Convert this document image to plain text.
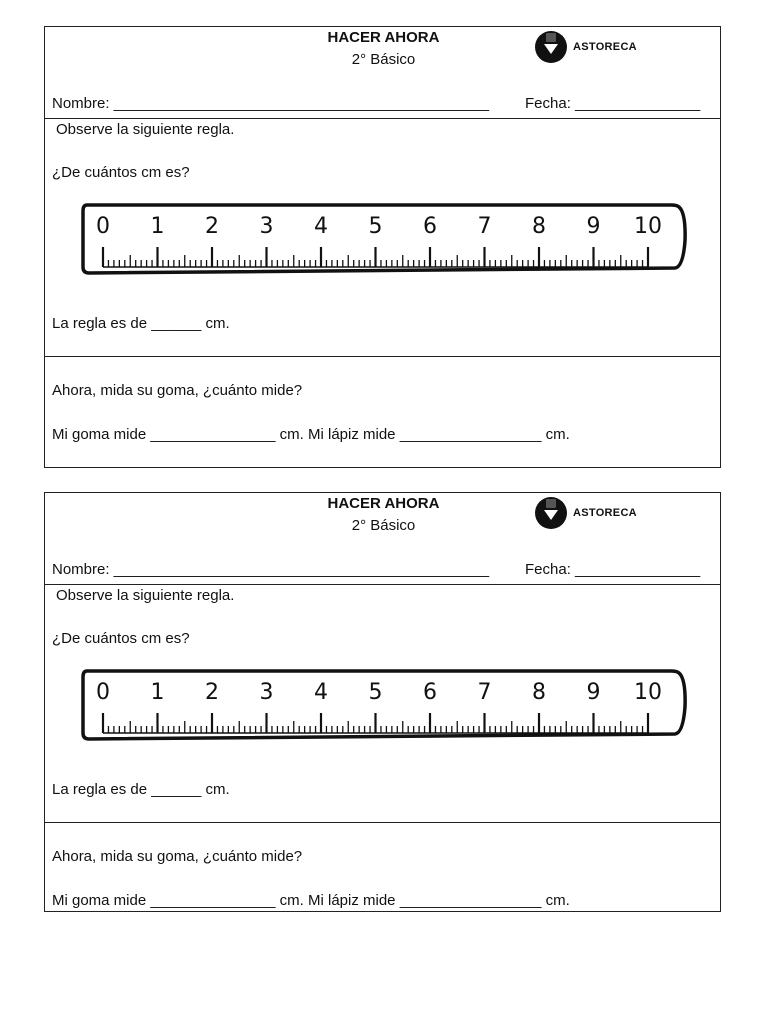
HACER AHORA
2° Básico
ASTORECA
Nombre: _____________________________________________ Fecha: _______________
Observe la siguiente regla.
¿De cuántos cm es?
0 1 2 3 4 5 6 7 8 9 10
La regla es de ______ cm.
Ahora, mida su goma, ¿cuánto mide?
Mi goma mide _______________ cm. Mi lápiz mide _________________ cm.
HACER AHORA
2° Básico
ASTORECA
Nombre: _____________________________________________ Fecha: _______________
Observe la siguiente regla.
¿De cuántos cm es?
0 1 2 3 4 5 6 7 8 9 10
La regla es de ______ cm.
Ahora, mida su goma, ¿cuánto mide?
Mi goma mide _______________ cm. Mi lápiz mide _________________ cm.
